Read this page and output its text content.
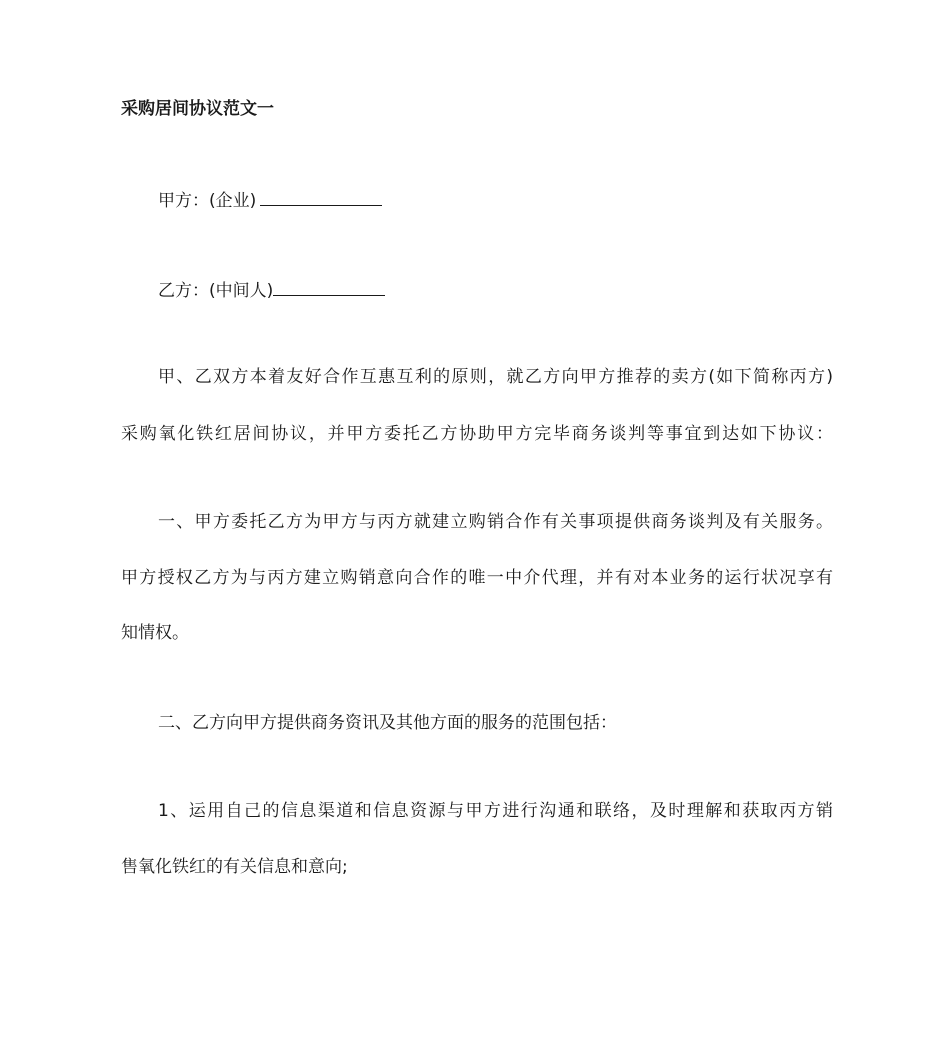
采购居间协议范文一
甲方：(企业)
乙方：(中间人)
甲、乙双方本着友好合作互惠互利的原则，就乙方向甲方推荐的卖方(如下简称丙方)
采购氧化铁红居间协议，并甲方委托乙方协助甲方完毕商务谈判等事宜到达如下协议：
一、甲方委托乙方为甲方与丙方就建立购销合作有关事项提供商务谈判及有关服务。
甲方授权乙方为与丙方建立购销意向合作的唯一中介代理，并有对本业务的运行状况享有
知情权。
二、乙方向甲方提供商务资讯及其他方面的服务的范围包括：
1、运用自己的信息渠道和信息资源与甲方进行沟通和联络，及时理解和获取丙方销
售氧化铁红的有关信息和意向;
